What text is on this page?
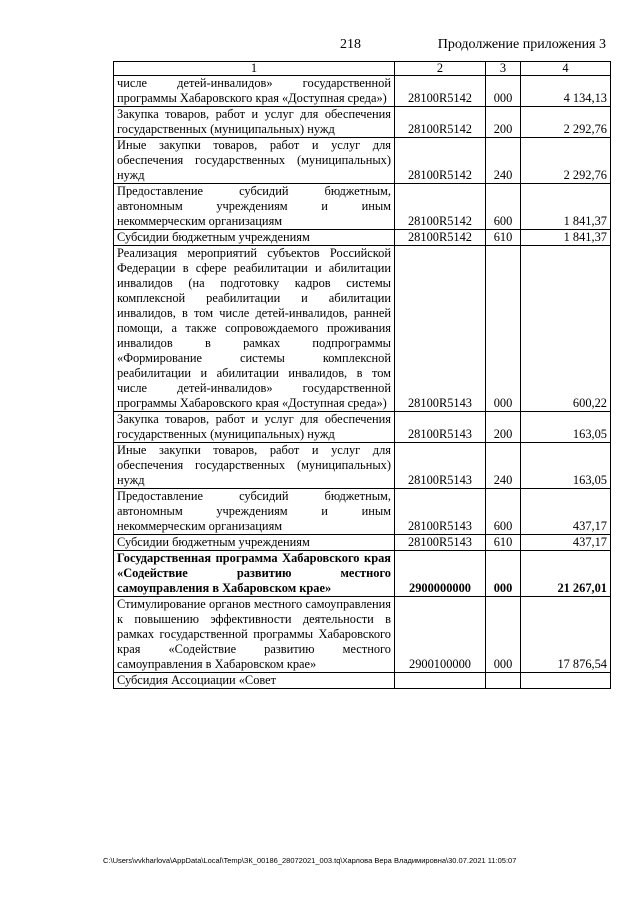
218	Продолжение приложения 3
1	2	3	4
числе детей-инвалидов» государственной программы Хабаровского края «Доступная среда»)	28100R5142	000	4 134,13
Закупка товаров, работ и услуг для обеспечения государственных (муниципальных) нужд	28100R5142	200	2 292,76
Иные закупки товаров, работ и услуг для обеспечения государственных (муниципальных) нужд	28100R5142	240	2 292,76
Предоставление субсидий бюджетным, автономным учреждениям и иным некоммерческим организациям	28100R5142	600	1 841,37
Субсидии бюджетным учреждениям	28100R5142	610	1 841,37
Реализация мероприятий субъектов Российской Федерации в сфере реабилитации и абилитации инвалидов (на подготовку кадров системы комплексной реабилитации и абилитации инвалидов, в том числе детей-инвалидов, ранней помощи, а также сопровождаемого проживания инвалидов в рамках подпрограммы «Формирование системы комплексной реабилитации и абилитации инвалидов, в том числе детей-инвалидов» государственной программы Хабаровского края «Доступная среда»)	28100R5143	000	600,22
Закупка товаров, работ и услуг для обеспечения государственных (муниципальных) нужд	28100R5143	200	163,05
Иные закупки товаров, работ и услуг для обеспечения государственных (муниципальных) нужд	28100R5143	240	163,05
Предоставление субсидий бюджетным, автономным учреждениям и иным некоммерческим организациям	28100R5143	600	437,17
Субсидии бюджетным учреждениям	28100R5143	610	437,17
Государственная программа Хабаровского края «Содействие развитию местного самоуправления в Хабаровском крае»	2900000000	000	21 267,01
Стимулирование органов местного самоуправления к повышению эффективности деятельности в рамках государственной программы Хабаровского края «Содействие развитию местного самоуправления в Хабаровском крае»	2900100000	000	17 876,54
Субсидия Ассоциации «Совет			
C:\Users\vvkharlova\AppData\Local\Temp\ЗК_00186_28072021_003.tq\Харлова Вера Владимировна\30.07.2021 11:05:07
